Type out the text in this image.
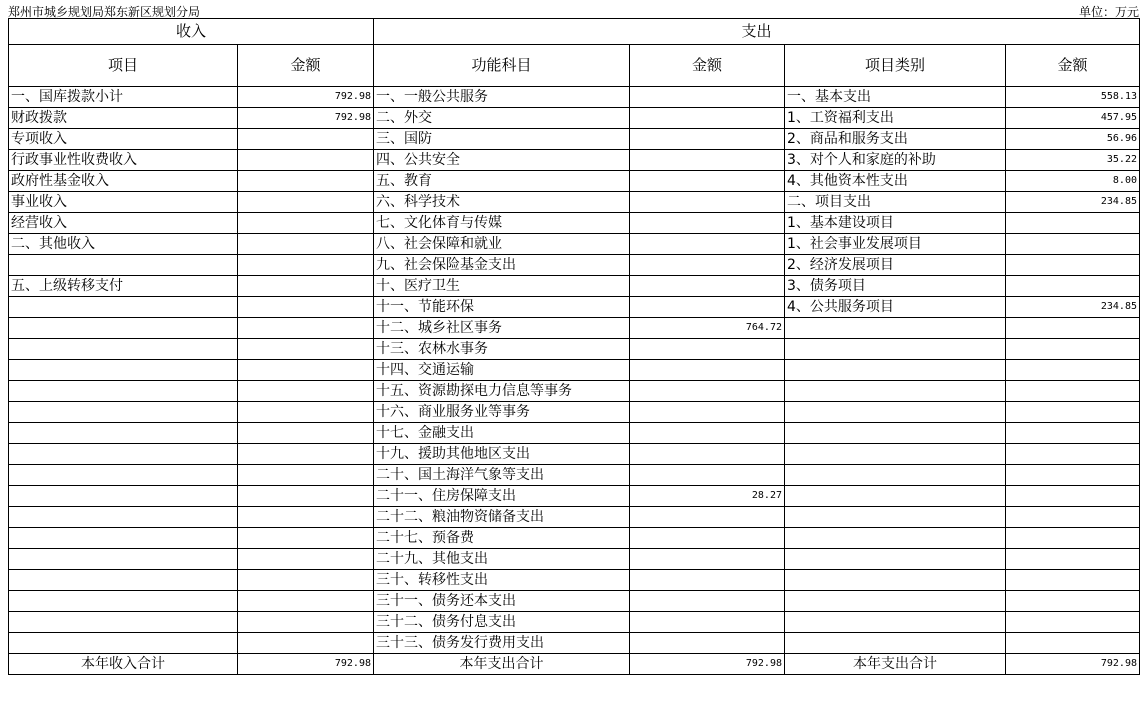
郑州市城乡规划局郑东新区规划分局	单位：万元
收入		支出			
项目	金额	功能科目	金额	项目类别	金额
一、国库拨款小计	792.98	一、一般公共服务		一、基本支出	558.13
财政拨款	792.98	二、外交		1、工资福利支出	457.95
专项收入		三、国防		2、商品和服务支出	56.96
行政事业性收费收入		四、公共安全		3、对个人和家庭的补助	35.22
政府性基金收入		五、教育		4、其他资本性支出	8.00
事业收入		六、科学技术		二、项目支出	234.85
经营收入		七、文化体育与传媒		1、基本建设项目	
二、其他收入		八、社会保障和就业		1、社会事业发展项目	
		九、社会保险基金支出		2、经济发展项目	
五、上级转移支付		十、医疗卫生		3、债务项目	
		十一、节能环保		4、公共服务项目	234.85
		十二、城乡社区事务	764.72		
		十三、农林水事务			
		十四、交通运输			
		十五、资源勘探电力信息等事务			
		十六、商业服务业等事务			
		十七、金融支出			
		十九、援助其他地区支出			
		二十、国土海洋气象等支出			
		二十一、住房保障支出	28.27		
		二十二、粮油物资储备支出			
		二十七、预备费			
		二十九、其他支出			
		三十、转移性支出			
		三十一、债务还本支出			
		三十二、债务付息支出			
		三十三、债务发行费用支出			
本年收入合计	792.98	本年支出合计	792.98	本年支出合计	792.98
